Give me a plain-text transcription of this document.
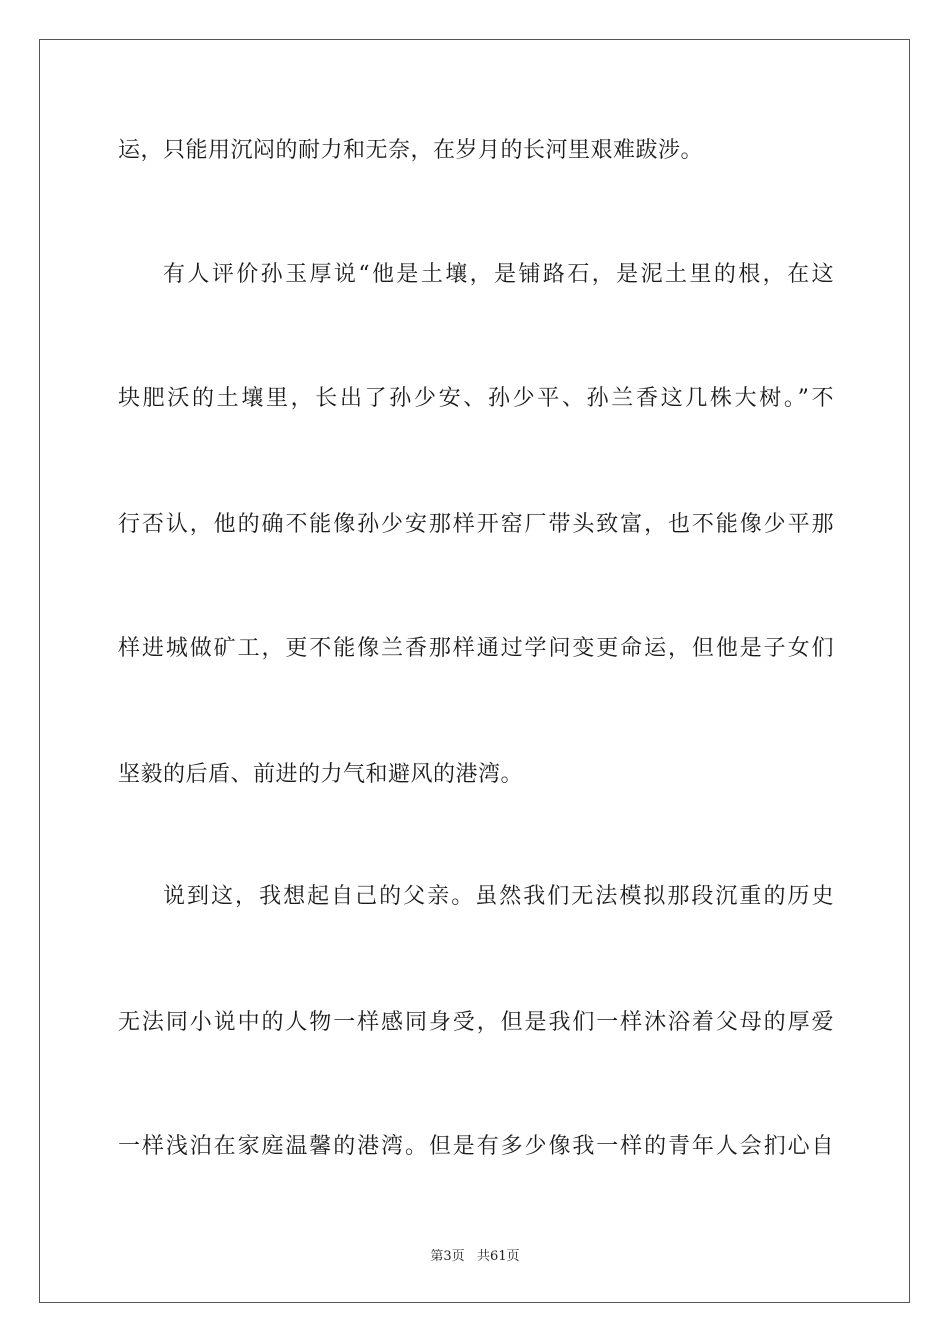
运，只能用沉闷的耐力和无奈，在岁月的长河里艰难跋涉。
有人评价孙玉厚说“他是土壤，是铺路石，是泥土里的根，在这
块肥沃的土壤里，长出了孙少安、孙少平、孙兰香这几株大树。”不
行否认，他的确不能像孙少安那样开窑厂带头致富，也不能像少平那
样进城做矿工，更不能像兰香那样通过学问变更命运，但他是子女们
坚毅的后盾、前进的力气和避风的港湾。
说到这，我想起自己的父亲。虽然我们无法模拟那段沉重的历史
无法同小说中的人物一样感同身受，但是我们一样沐浴着父母的厚爱
一样浅泊在家庭温馨的港湾。但是有多少像我一样的青年人会扪心自
第3页   共61页
